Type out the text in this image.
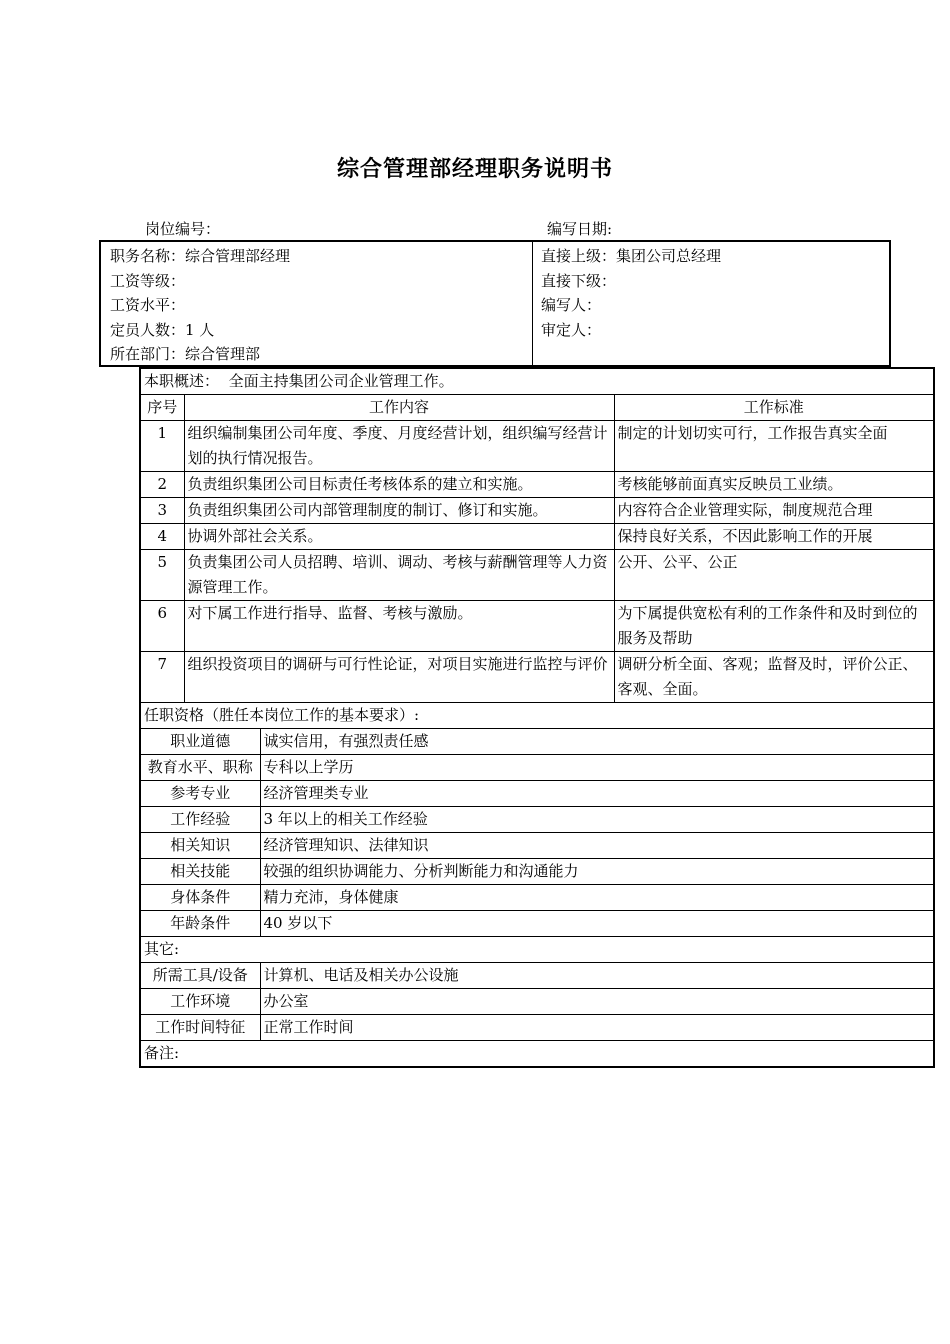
综合管理部经理职务说明书
岗位编号：	编写日期:
职务名称：综合管理部经理
工资等级：
工资水平：
定员人数：1 人
所在部门：综合管理部
直接上级：集团公司总经理
直接下级：
编写人：
审定人：
本职概述： 全面主持集团公司企业管理工作。			
序号	工作内容		工作标准
1	组织编制集团公司年度、季度、月度经营计划，组织编写经营计划的执行情况报告。		制定的计划切实可行，工作报告真实全面
2	负责组织集团公司目标责任考核体系的建立和实施。		考核能够前面真实反映员工业绩。
3	负责组织集团公司内部管理制度的制订、修订和实施。		内容符合企业管理实际，制度规范合理
4	协调外部社会关系。		保持良好关系，不因此影响工作的开展
5	负责集团公司人员招聘、培训、调动、考核与薪酬管理等人力资源管理工作。		公开、公平、公正
6	对下属工作进行指导、监督、考核与激励。		为下属提供宽松有利的工作条件和及时到位的服务及帮助
7	组织投资项目的调研与可行性论证，对项目实施进行监控与评价		调研分析全面、客观；监督及时，评价公正、客观、全面。
任职资格（胜任本岗位工作的基本要求）:			
职业道德		诚实信用，有强烈责任感	
教育水平、职称		专科以上学历	
参考专业		经济管理类专业	
工作经验		3 年以上的相关工作经验	
相关知识		经济管理知识、法律知识	
相关技能		较强的组织协调能力、分析判断能力和沟通能力	
身体条件		精力充沛，身体健康	
年龄条件		40 岁以下	
其它:			
所需工具/设备		计算机、电话及相关办公设施	
工作环境		办公室	
工作时间特征		正常工作时间	
备注:			
